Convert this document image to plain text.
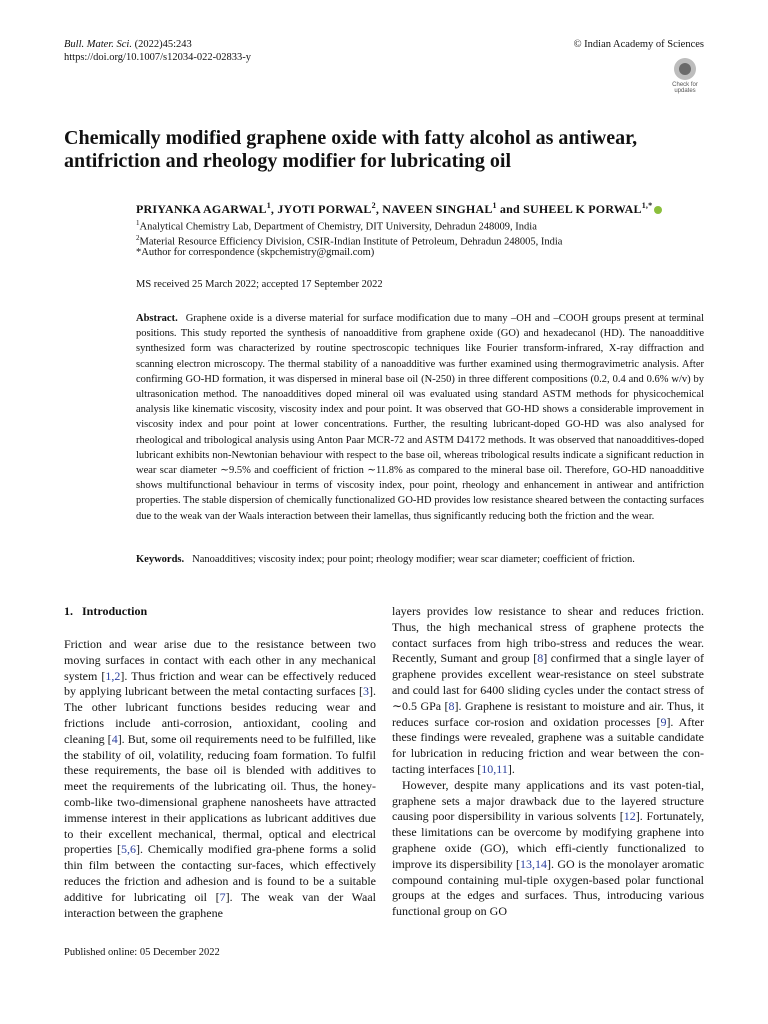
Bull. Mater. Sci. (2022)45:243
https://doi.org/10.1007/s12034-022-02833-y
© Indian Academy of Sciences
Check for
updates
Chemically modified graphene oxide with fatty alcohol as antiwear, antifriction and rheology modifier for lubricating oil
PRIYANKA AGARWAL$^1$, JYOTI PORWAL$^2$, NAVEEN SINGHAL$^1$ and SUHEEL K $PORWAL^{1,*}$
$^1$Analytical Chemistry Lab, Department of Chemistry, DIT University, Dehradun 248009, India
$^2$Material Resource Efficiency Division, CSIR-Indian Institute of Petroleum, Dehradun 248005, India
*Author for correspondence (skpchemistry@gmail.com)
MS received 25 March 2022; accepted 17 September 2022
Abstract. Graphene oxide is a diverse material for surface modification due to many –OH and –COOH groups present at terminal positions. This study reported the synthesis of nanoadditive from graphene oxide (GO) and hexadecanol (HD). The nanoadditive synthesized form was characterized by routine spectroscopic techniques like Fourier transform-infrared, X-ray diffraction and scanning electron microscopy. The thermal stability of a nanoadditive was further examined using thermogravimetric analysis. After confirming GO-HD formation, it was dispersed in mineral base oil (N-250) in three different compositions (0.2, 0.4 and 0.6% w/v) by ultrasonication method. The nanoadditives doped mineral oil was evaluated using standard ASTM methods for physicochemical analysis like kinematic viscosity, viscosity index and pour point. It was observed that GO-HD shows a considerable improvement in viscosity index and pour point at lower concentrations. Further, the resulting lubricant-doped GO-HD was also analysed for rheological and tribological analysis using Anton Paar MCR-72 and ASTM D4172 methods. It was observed that nanoadditives-doped lubricant exhibits non-Newtonian behaviour with respect to the base oil, whereas tribological results indicate a significant reduction in wear scar diameter ∼9.5% and coefficient of friction ∼11.8% as compared to the mineral base oil. Therefore, GO-HD nanoadditive shows multifunctional behaviour in terms of viscosity index, pour point, rheology and enhancement in antiwear and antifriction properties. The stable dispersion of chemically functionalized GO-HD provides low resistance sheared between the contacting surfaces due to the weak van der Waals interaction between their lamellas, thus significantly reducing both the friction and the wear.
Keywords. Nanoadditives; viscosity index; pour point; rheology modifier; wear scar diameter; coefficient of friction.
1. Introduction

Friction and wear arise due to the resistance between two moving surfaces in contact with each other in any mechanical system [1,2]. Thus friction and wear can be effectively reduced by applying lubricant between the metal contacting surfaces [3]. The other lubricant functions besides reducing wear and frictions include anti-corrosion, antioxidant, cooling and cleaning [4]. But, some oil requirements need to be fulfilled, like the stability of oil, volatility, reducing foam formation. To fulfil these requirements, the base oil is blended with additives to meet the requirements of the lubricating oil. Thus, the honey-comb-like two-dimensional graphene nanosheets have attracted immense interest in their applications as lubricant additives due to their excellent mechanical, thermal, optical and electrical properties [5,6]. Chemically modified gra-phene forms a solid thin film between the contacting sur-faces, which effectively reduces the friction and adhesion and is found to be a suitable additive for lubricating oil [7]. The weak van der Waal interaction between the graphene

layers provides low resistance to shear and reduces friction. Thus, the high mechanical stress of graphene protects the contact surfaces from high tribo-stress and reduces the wear. Recently, Sumant and group [8] confirmed that a single layer of graphene provides excellent wear-resistance on steel substrate and could last for 6400 sliding cycles under the contact stress of ∼0.5 GPa [8]. Graphene is resistant to moisture and air. Thus, it reduces surface cor-rosion and oxidation processes [9]. After these findings were revealed, graphene was a suitable candidate for lubrication in reducing friction and wear between the con-tacting interfaces [10,11].

However, despite many applications and its vast poten-tial, graphene sets a major drawback due to the layered structure causing poor dispersibility in various solvents [12]. Fortunately, these limitations can be overcome by modifying graphene into graphene oxide (GO), which effi-ciently functionalized to improve its dispersibility [13,14]. GO is the monolayer aromatic compound containing mul-tiple oxygen-based polar functional groups at the edges and surfaces. Thus, introducing various functional group on GO

Published online: 05 December 2022
